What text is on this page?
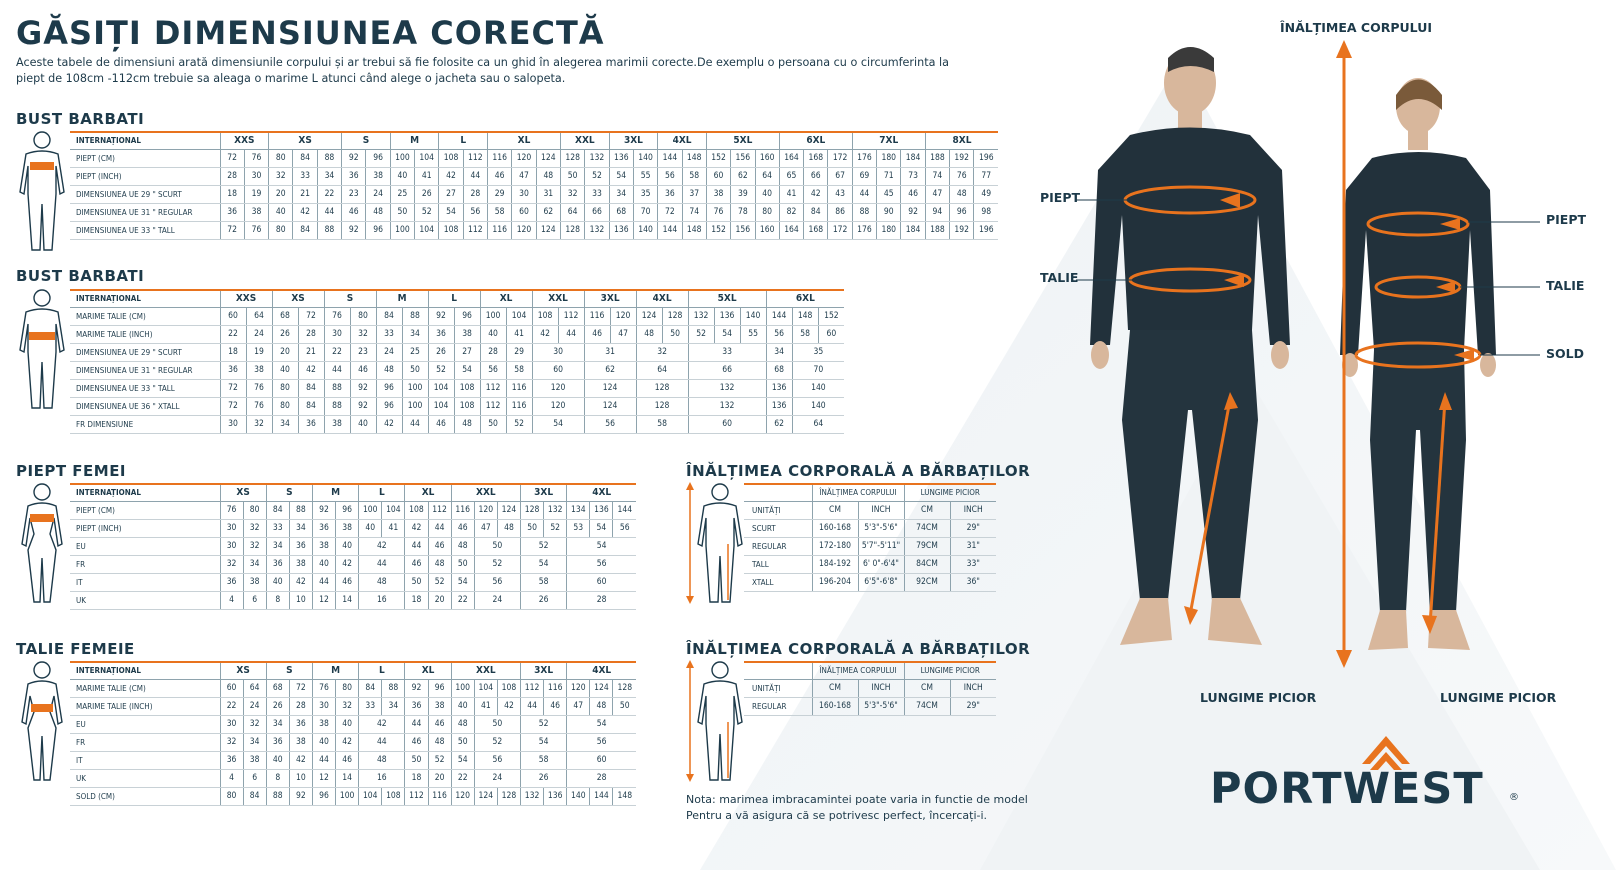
GĂSIȚI DIMENSIUNEA CORECTĂ
Aceste tabele de dimensiuni arată dimensiunile corpului și ar trebui să fie folosite ca un ghid în alegerea marimii corecte.De exemplu o persoana cu o circumferinta la piept de 108cm -112cm trebuie sa aleaga o marime L atunci când alege o jacheta sau o salopeta.
BUST BARBATI
BUST BARBATI
PIEPT FEMEI
TALIE FEMEIE
ÎNĂLȚIMEA CORPORALĂ A BĂRBAȚILOR
ÎNĂLȚIMEA CORPORALĂ A BĂRBAȚILOR
INTERNAȚIONAL	XXS		XS			S		M		L		XL			XXL		3XL		4XL		5XL			6XL			7XL			8XL		
PIEPT (CM)	72	76	80	84	88	92	96	100	104	108	112	116	120	124	128	132	136	140	144	148	152	156	160	164	168	172	176	180	184	188	192	196
PIEPT (INCH)	28	30	32	33	34	36	38	40	41	42	44	46	47	48	50	52	54	55	56	58	60	62	64	65	66	67	69	71	73	74	76	77
DIMENSIUNEA UE 29 " SCURT	18	19	20	21	22	23	24	25	26	27	28	29	30	31	32	33	34	35	36	37	38	39	40	41	42	43	44	45	46	47	48	49
DIMENSIUNEA UE 31 " REGULAR	36	38	40	42	44	46	48	50	52	54	56	58	60	62	64	66	68	70	72	74	76	78	80	82	84	86	88	90	92	94	96	98
DIMENSIUNEA UE 33 " TALL	72	76	80	84	88	92	96	100	104	108	112	116	120	124	128	132	136	140	144	148	152	156	160	164	168	172	176	180	184	188	192	196
INTERNAȚIONAL	XXS		XS		S		M		L		XL		XXL		3XL		4XL		5XL			6XL		
MARIME TALIE (CM)	60	64	68	72	76	80	84	88	92	96	100	104	108	112	116	120	124	128	132	136	140	144	148	152
MARIME TALIE (INCH)	22	24	26	28	30	32	33	34	36	38	40	41	42	44	46	47	48	50	52	54	55	56	58	60
DIMENSIUNEA UE 29 " SCURT	18	19	20	21	22	23	24	25	26	27	28	29	30		31		32		33			34	35	
DIMENSIUNEA UE 31 " REGULAR	36	38	40	42	44	46	48	50	52	54	56	58	60		62		64		66			68	70	
DIMENSIUNEA UE 33 " TALL	72	76	80	84	88	92	96	100	104	108	112	116	120		124		128		132			136	140	
DIMENSIUNEA UE 36 " XTALL	72	76	80	84	88	92	96	100	104	108	112	116	120		124		128		132			136	140	
FR DIMENSIUNE	30	32	34	36	38	40	42	44	46	48	50	52	54		56		58		60			62	64	
INTERNAȚIONAL	XS		S		M		L		XL		XXL			3XL		4XL		
PIEPT (CM)	76	80	84	88	92	96	100	104	108	112	116	120	124	128	132	134	136	144
PIEPT (INCH)	30	32	33	34	36	38	40	41	42	44	46	47	48	50	52	53	54	56
EU	30	32	34	36	38	40	42		44	46	48	50		52		54		
FR	32	34	36	38	40	42	44		46	48	50	52		54		56		
IT	36	38	40	42	44	46	48		50	52	54	56		58		60		
UK	4	6	8	10	12	14	16		18	20	22	24		26		28		
INTERNAȚIONAL	XS		S		M		L		XL		XXL			3XL		4XL		
MARIME TALIE (CM)	60	64	68	72	76	80	84	88	92	96	100	104	108	112	116	120	124	128
MARIME TALIE (INCH)	22	24	26	28	30	32	33	34	36	38	40	41	42	44	46	47	48	50
EU	30	32	34	36	38	40	42		44	46	48	50		52		54		
FR	32	34	36	38	40	42	44		46	48	50	52		54		56		
IT	36	38	40	42	44	46	48		50	52	54	56		58		60		
UK	4	6	8	10	12	14	16		18	20	22	24		26		28		
SOLD (CM)	80	84	88	92	96	100	104	108	112	116	120	124	128	132	136	140	144	148
	ÎNĂLȚIMEA CORPULUI		LUNGIME PICIOR	
UNITĂȚI	CM	INCH	CM	INCH
SCURT	160-168	5'3"-5'6"	74CM	29"
REGULAR	172-180	5'7"-5'11"	79CM	31"
TALL	184-192	6' 0"-6'4"	84CM	33"
XTALL	196-204	6'5"-6'8"	92CM	36"
	ÎNĂLȚIMEA CORPULUI		LUNGIME PICIOR	
UNITĂȚI	CM	INCH	CM	INCH
REGULAR	160-168	5'3"-5'6"	74CM	29"
Nota: marimea imbracamintei poate varia in functie de model
Pentru a vă asigura că se potrivesc perfect, încercați-i.
ÎNĂLȚIMEA CORPULUI
PIEPT
TALIE
PIEPT
TALIE
SOLD
LUNGIME PICIOR	LUNGIME PICIOR
PORTWEST	®
